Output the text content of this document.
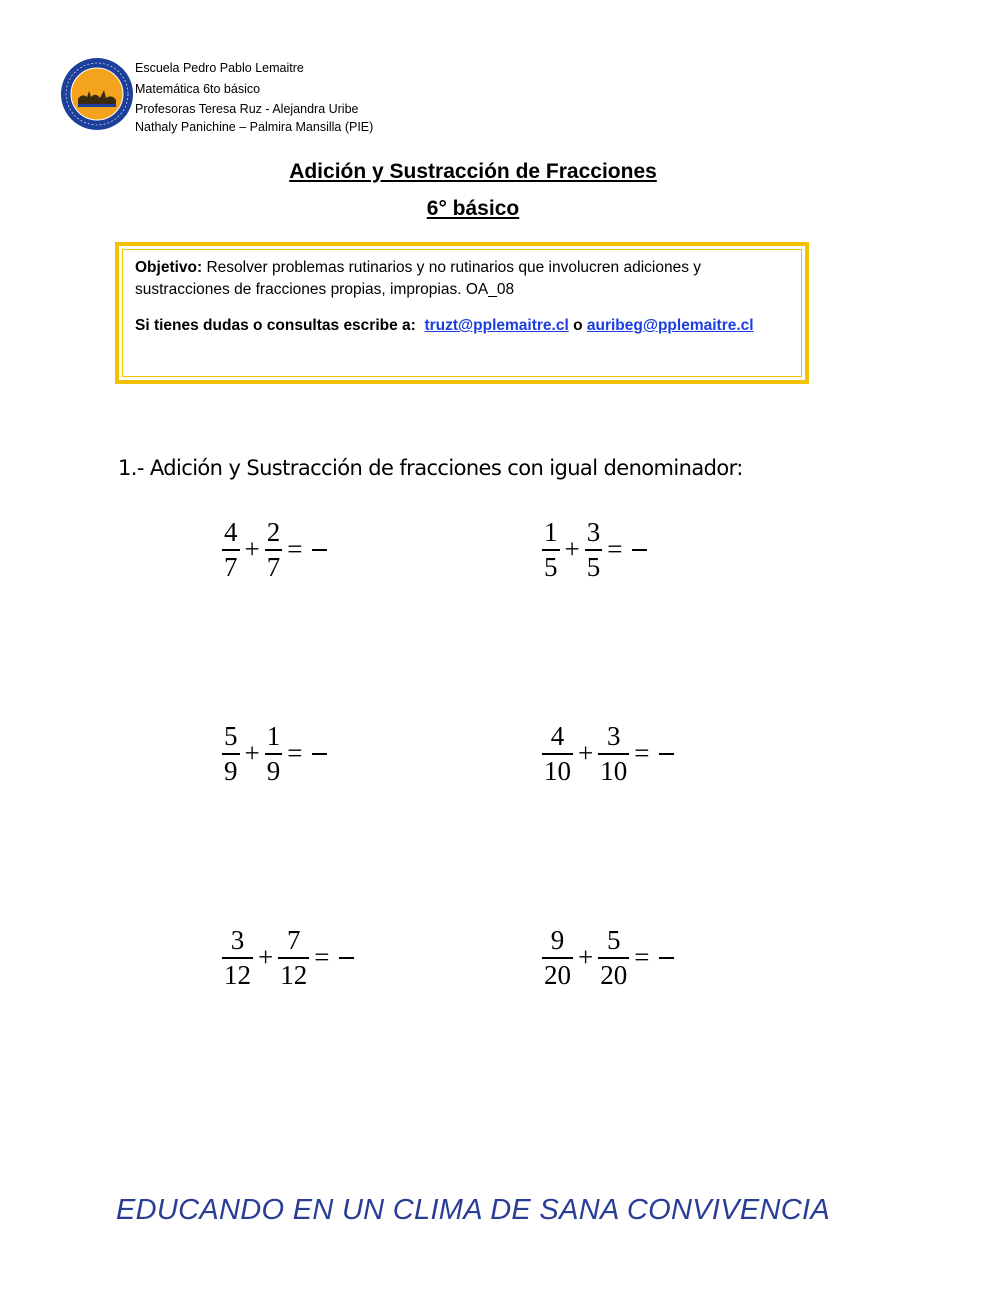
Escuela Pedro Pablo Lemaitre
Matemática 6to básico
Profesoras Teresa Ruz - Alejandra Uribe
Nathaly Panichine – Palmira Mansilla (PIE)
Adición y Sustracción de Fracciones
6° básico
Objetivo: Resolver problemas rutinarios y no rutinarios que involucren adiciones y sustracciones de fracciones propias, impropias. OA_08
Si tienes dudas o consultas escribe a: truzt@pplemaitre.cl o auribeg@pplemaitre.cl
1.- Adición y Sustracción de fracciones con igual denominador:
$\frac{4}{7} + \frac{2}{7}$ =	$\frac{1}{5} + \frac{3}{5}$ =
$\frac{5}{9} + \frac{1}{9}$ =	$\frac{4}{10} + \frac{3}{10}$ =
$\frac{3}{12} + \frac{7}{12}$ =	$\frac{9}{20} + \frac{5}{20}$ =
EDUCANDO EN UN CLIMA DE SANA CONVIVENCIA
